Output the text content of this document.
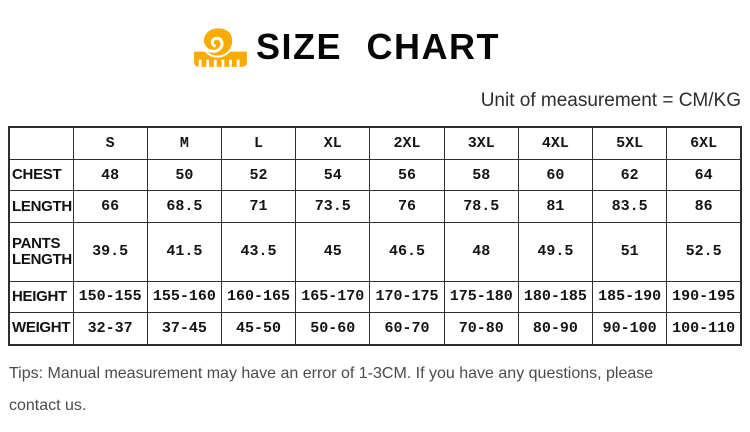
SIZE CHART
Unit of measurement = CM/KG
	S	M	L	XL	2XL	3XL	4XL	5XL	6XL
CHEST	48	50	52	54	56	58	60	62	64
LENGTH	66	68.5	71	73.5	76	78.5	81	83.5	86
PANTS LENGTH	39.5	41.5	43.5	45	46.5	48	49.5	51	52.5
HEIGHT	150-155	155-160	160-165	165-170	170-175	175-180	180-185	185-190	190-195
WEIGHT	32-37	37-45	45-50	50-60	60-70	70-80	80-90	90-100	100-110
Tips: Manual measurement may have an error of 1-3CM. If you have any questions, please
contact us.
